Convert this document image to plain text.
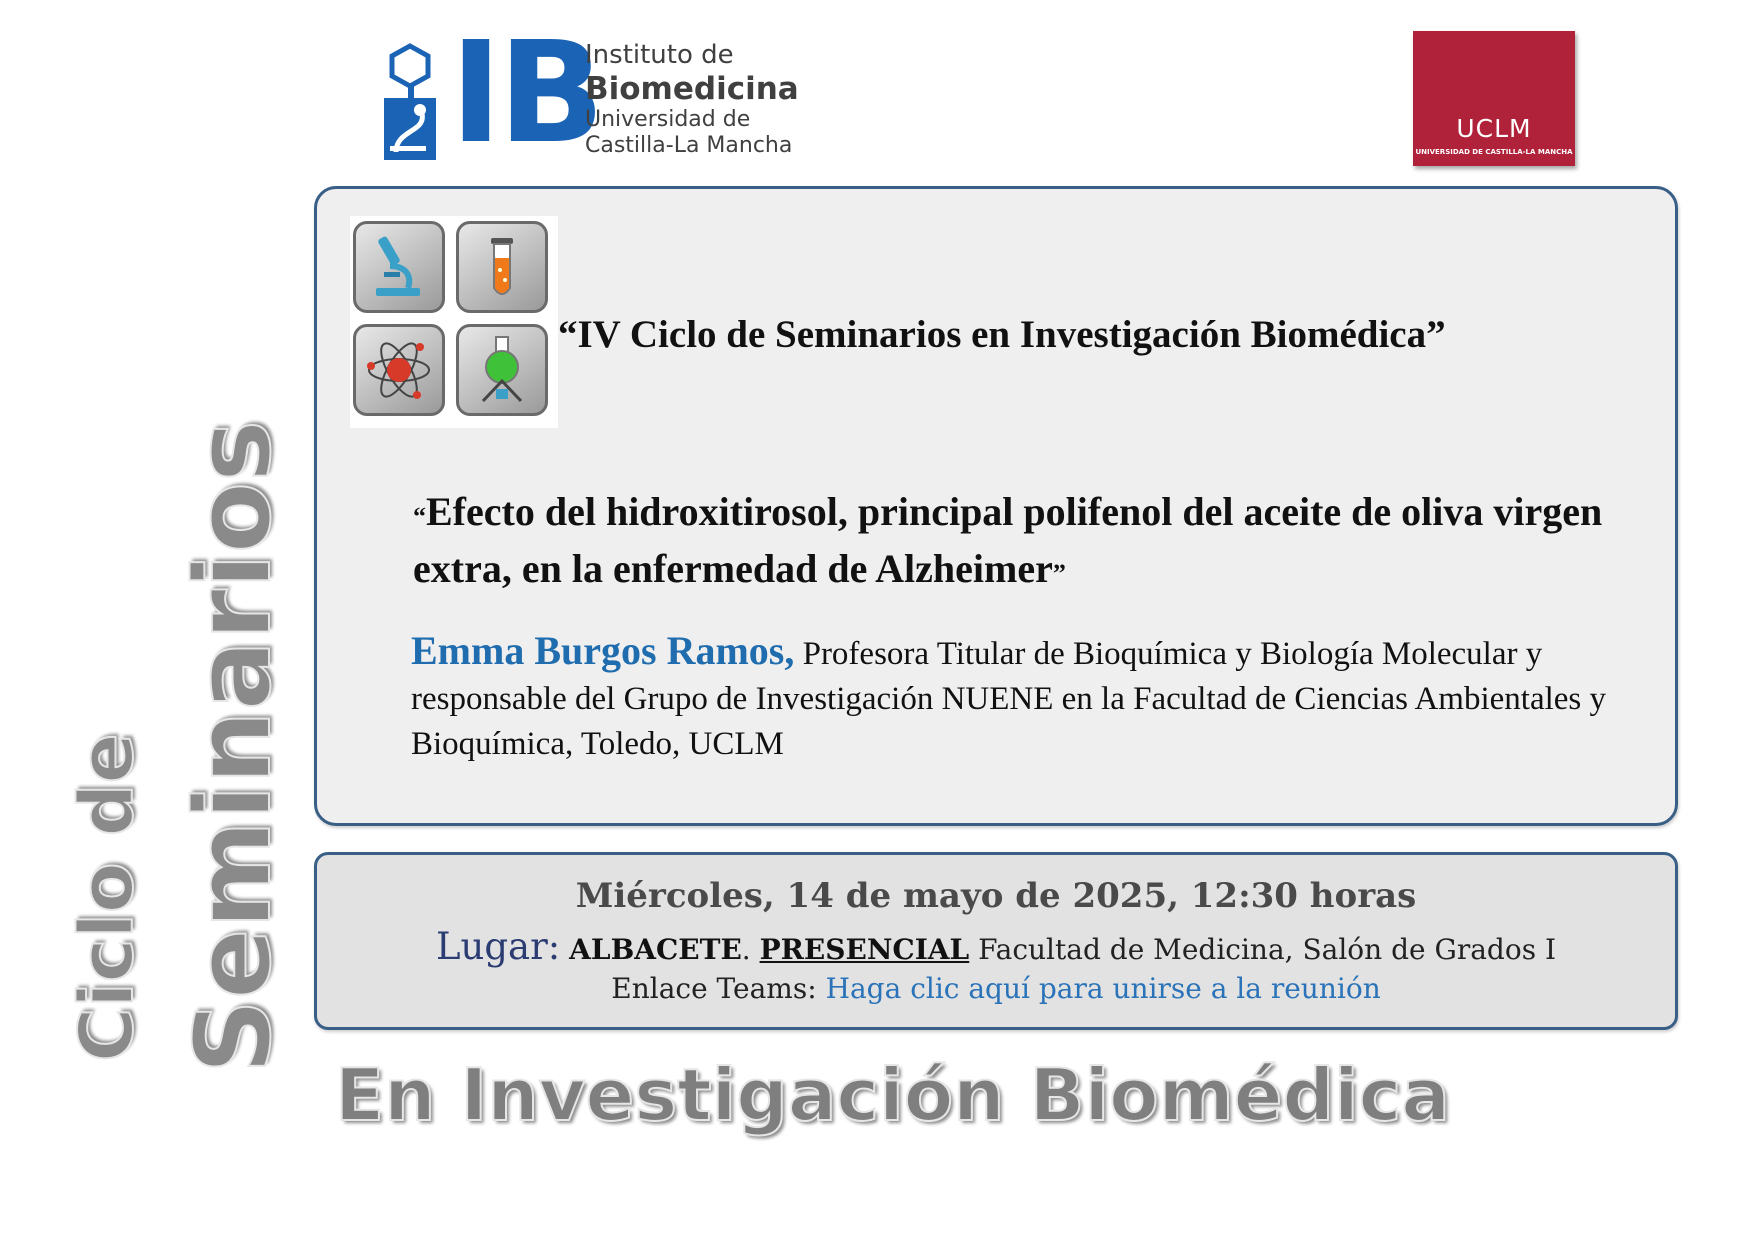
IB
Instituto de
Biomedicina
Universidad de
Castilla-La Mancha
UCLM
UNIVERSIDAD DE CASTILLA-LA MANCHA
“IV Ciclo de Seminarios en Investigación Biomédica”
“Efecto del hidroxitirosol, principal polifenol del aceite de oliva virgen extra, en la enfermedad de Alzheimer”
Emma Burgos Ramos, Profesora Titular de Bioquímica y Biología Molecular y responsable del Grupo de Investigación NUENE en la Facultad de Ciencias Ambientales y Bioquímica, Toledo, UCLM
Miércoles, 14 de mayo de 2025, 12:30 horas
Lugar: ALBACETE. PRESENCIAL Facultad de Medicina, Salón de Grados I
Enlace Teams: Haga clic aquí para unirse a la reunión
Ciclo de Seminarios
En Investigación Biomédica
